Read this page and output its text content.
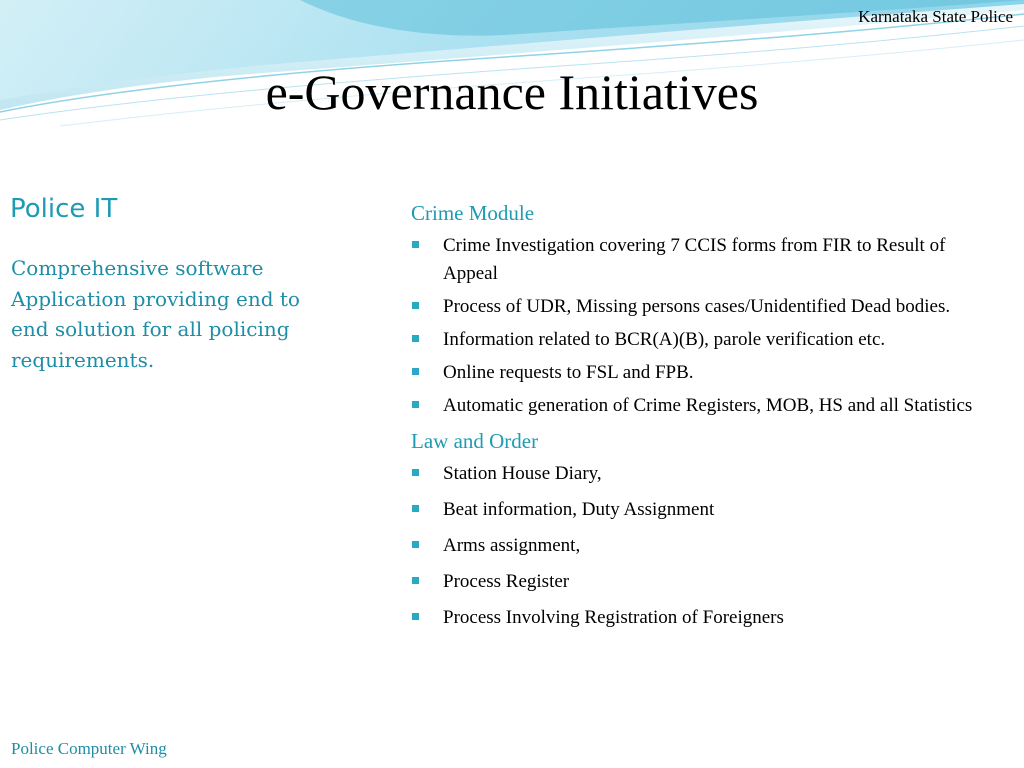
Karnataka State Police
e-Governance Initiatives
Police IT
Comprehensive software Application providing end to end solution for all policing requirements.
Crime Module
Crime Investigation covering 7 CCIS forms from FIR to Result of Appeal
Process of UDR, Missing persons cases/Unidentified Dead bodies.
Information related to BCR(A)(B), parole verification etc.
Online requests to FSL and FPB.
Automatic generation of Crime Registers, MOB, HS and all Statistics
Law and Order
Station House Diary,
Beat information, Duty Assignment
Arms assignment,
Process Register
Process Involving Registration of Foreigners
Police Computer Wing
